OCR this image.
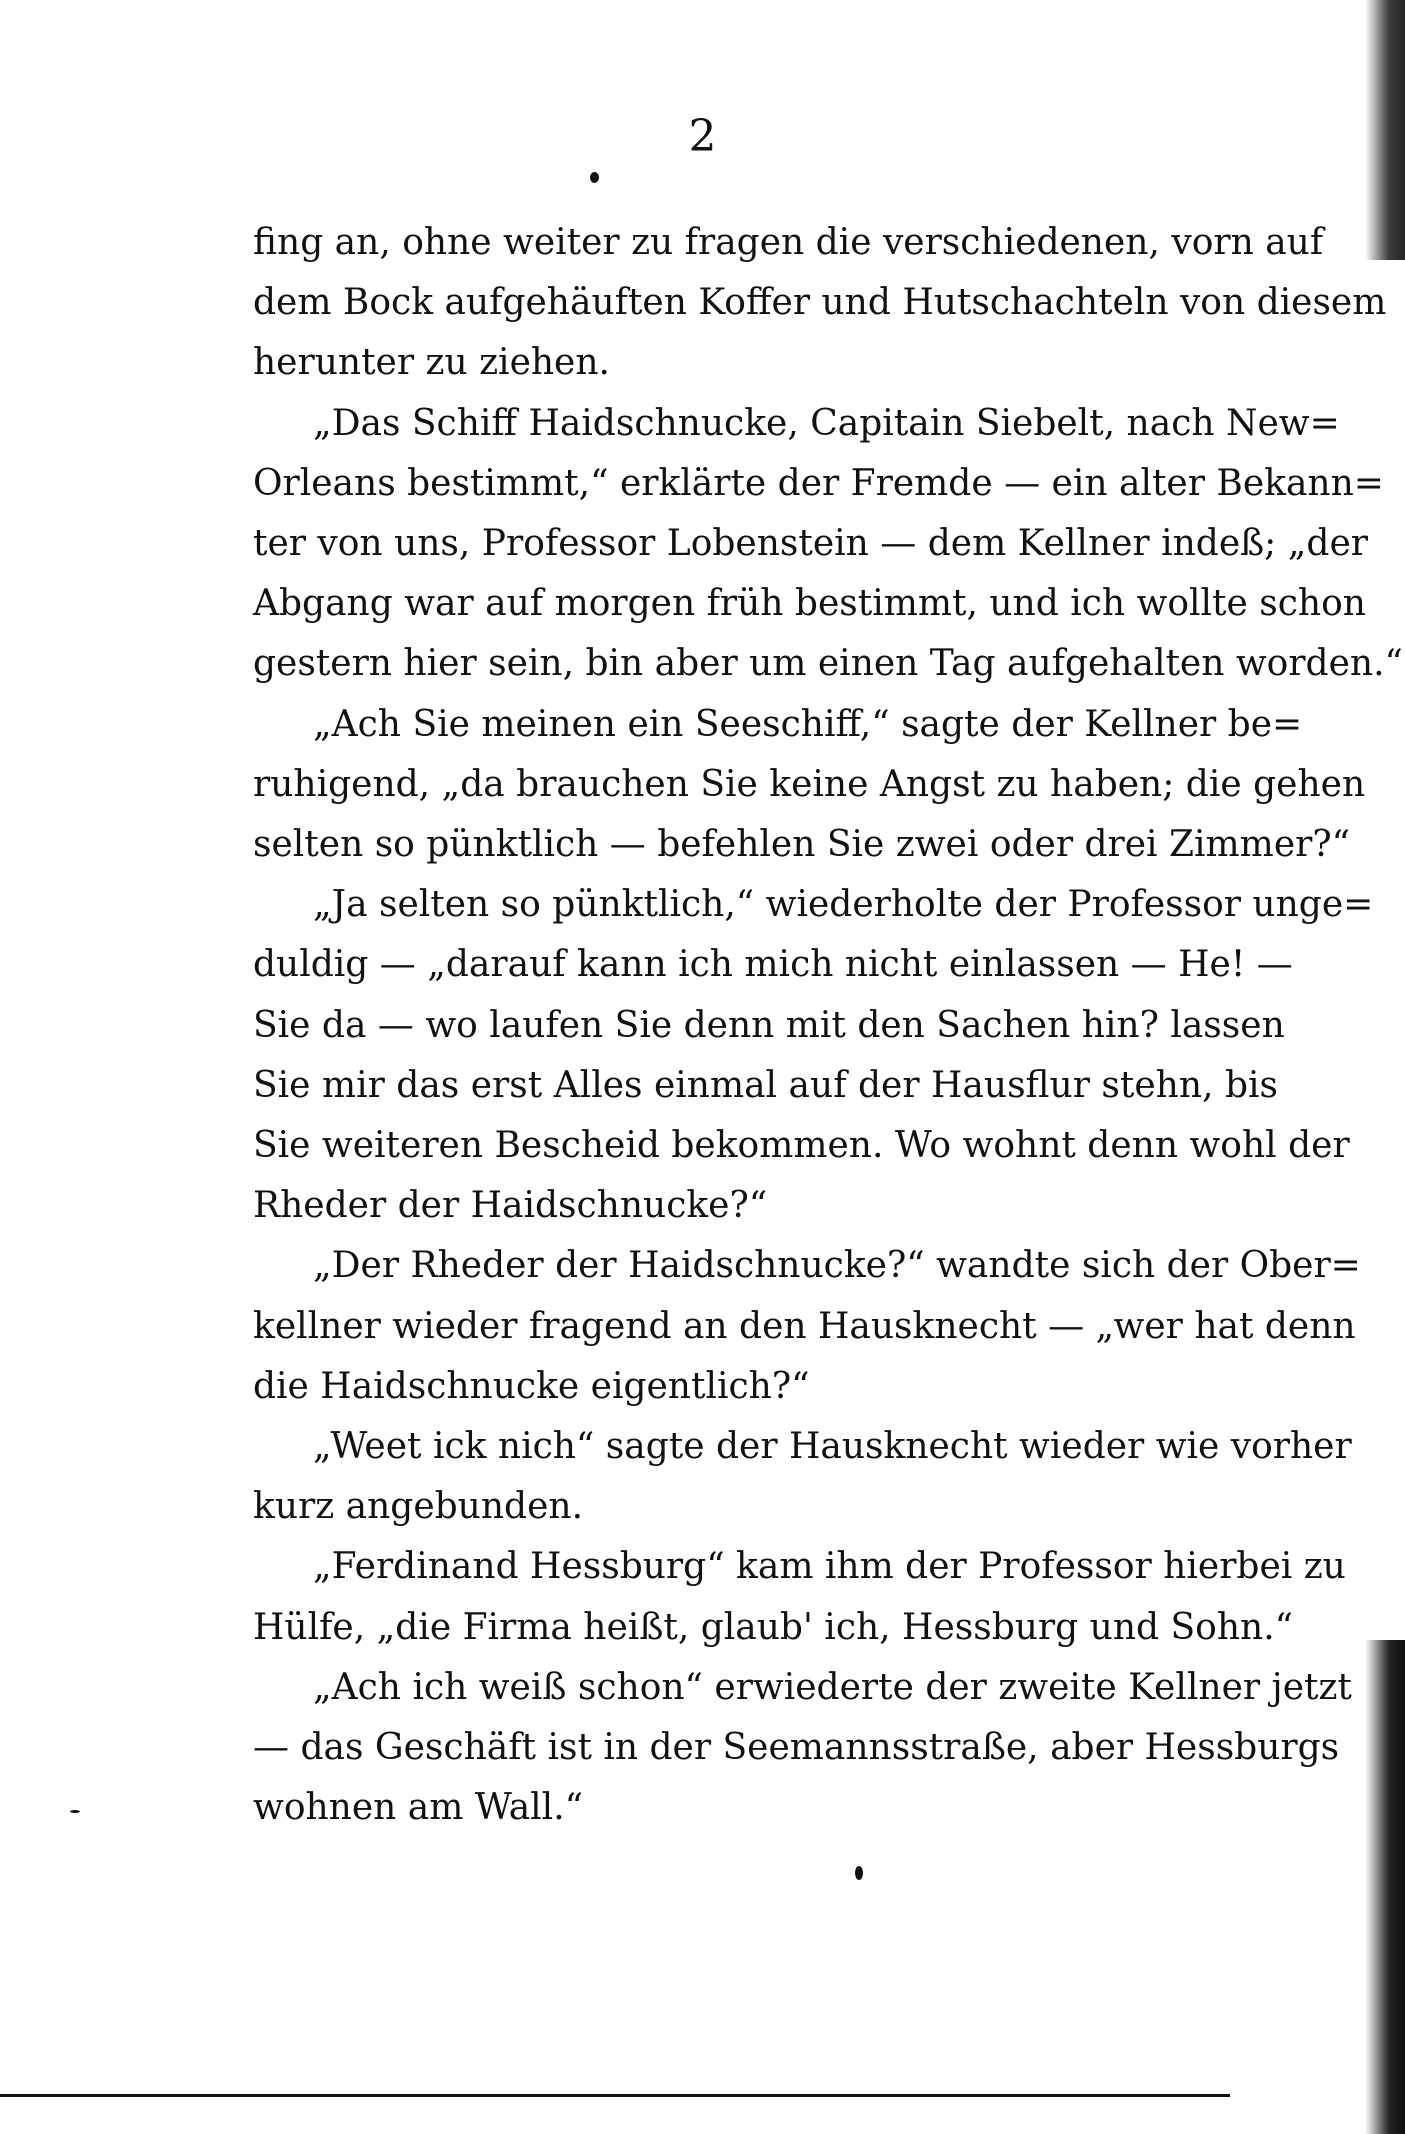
2
fing an, ohne weiter zu fragen die verschiedenen, vorn auf
dem Bock aufgehäuften Koffer und Hutschachteln von diesem
herunter zu ziehen.
„Das Schiff Haidschnucke, Capitain Siebelt, nach New=
Orleans bestimmt,“ erklärte der Fremde — ein alter Bekann=
ter von uns, Professor Lobenstein — dem Kellner indeß; „der
Abgang war auf morgen früh bestimmt, und ich wollte schon
gestern hier sein, bin aber um einen Tag aufgehalten worden.“
„Ach Sie meinen ein Seeschiff,“ sagte der Kellner be=
ruhigend, „da brauchen Sie keine Angst zu haben; die gehen
selten so pünktlich — befehlen Sie zwei oder drei Zimmer?“
„Ja selten so pünktlich,“ wiederholte der Professor unge=
duldig — „darauf kann ich mich nicht einlassen — He! —
Sie da — wo laufen Sie denn mit den Sachen hin? lassen
Sie mir das erst Alles einmal auf der Hausflur stehn, bis
Sie weiteren Bescheid bekommen. Wo wohnt denn wohl der
Rheder der Haidschnucke?“
„Der Rheder der Haidschnucke?“ wandte sich der Ober=
kellner wieder fragend an den Hausknecht — „wer hat denn
die Haidschnucke eigentlich?“
„Weet ick nich“ sagte der Hausknecht wieder wie vorher
kurz angebunden.
„Ferdinand Hessburg“ kam ihm der Professor hierbei zu
Hülfe, „die Firma heißt, glaub' ich, Hessburg und Sohn.“
„Ach ich weiß schon“ erwiederte der zweite Kellner jetzt
— das Geschäft ist in der Seemannsstraße, aber Hessburgs
wohnen am Wall.“
